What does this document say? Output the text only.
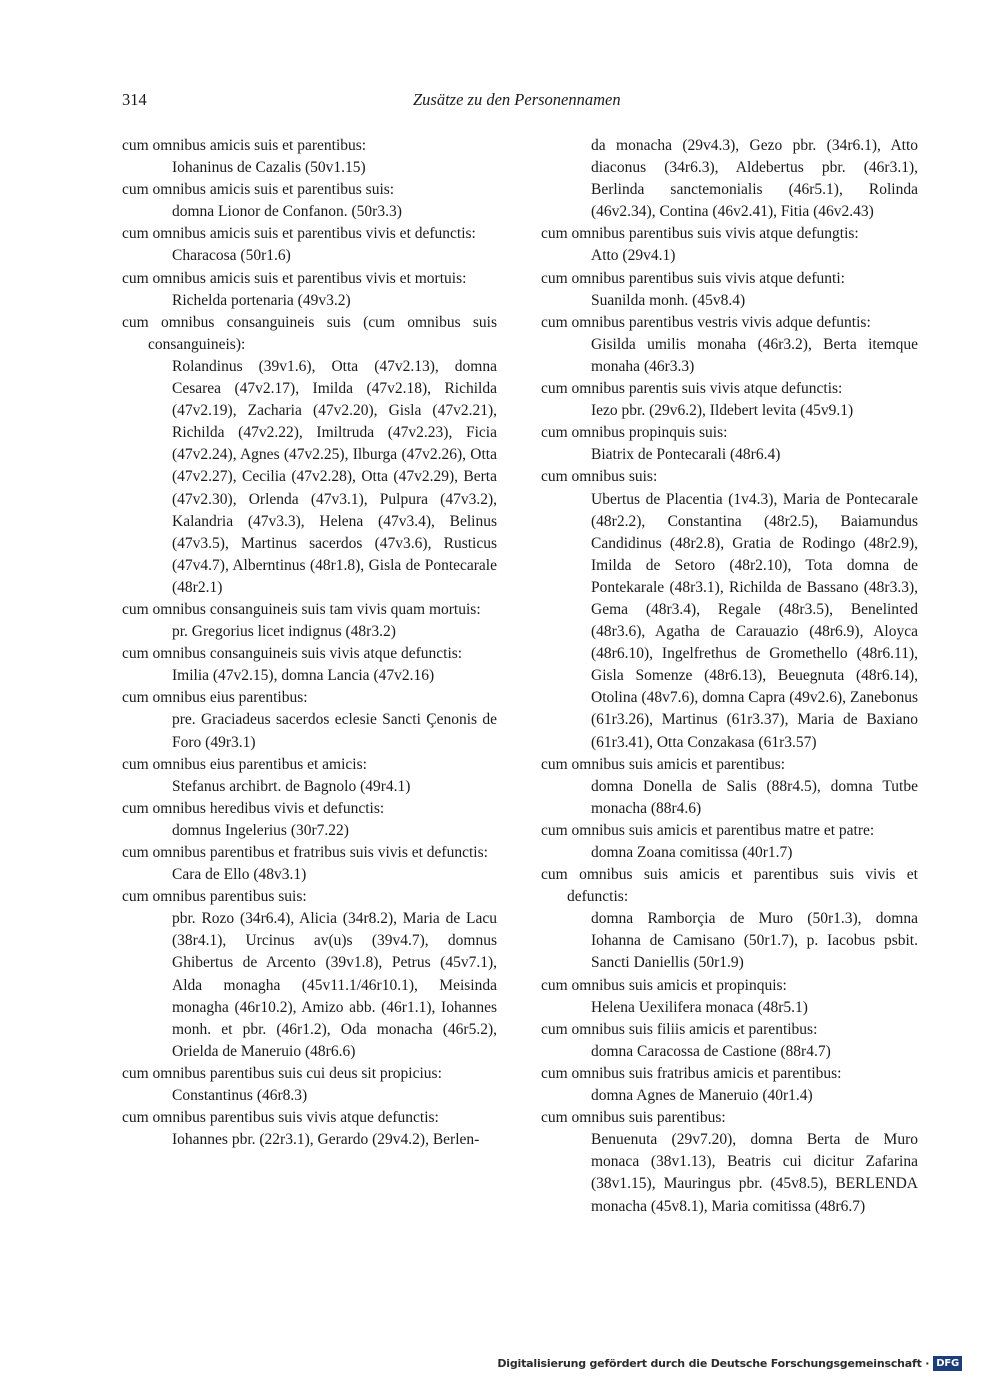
314	Zusätze zu den Personennamen
cum omnibus amicis suis et parentibus:
Iohaninus de Cazalis (50v1.15)
cum omnibus amicis suis et parentibus suis:
domna Lionor de Confanon. (50r3.3)
cum omnibus amicis suis et parentibus vivis et defunctis:
Characosa (50r1.6)
cum omnibus amicis suis et parentibus vivis et mortuis:
Richelda portenaria (49v3.2)
cum omnibus consanguineis suis (cum omnibus suis consanguineis):
Rolandinus (39v1.6), Otta (47v2.13), domna Cesarea (47v2.17), Imilda (47v2.18), Richilda (47v2.19), Zacharia (47v2.20), Gisla (47v2.21), Richilda (47v2.22), Imiltruda (47v2.23), Ficia (47v2.24), Agnes (47v2.25), Ilburga (47v2.26), Otta (47v2.27), Cecilia (47v2.28), Otta (47v2.29), Berta (47v2.30), Orlenda (47v3.1), Pulpura (47v3.2), Kalandria (47v3.3), Helena (47v3.4), Belinus (47v3.5), Martinus sacerdos (47v3.6), Rusticus (47v4.7), Alberntinus (48r1.8), Gisla de Pontecarale (48r2.1)
cum omnibus consanguineis suis tam vivis quam mortuis:
pr. Gregorius licet indignus (48r3.2)
cum omnibus consanguineis suis vivis atque defunctis:
Imilia (47v2.15), domna Lancia (47v2.16)
cum omnibus eius parentibus:
pre. Graciadeus sacerdos eclesie Sancti Çenonis de Foro (49r3.1)
cum omnibus eius parentibus et amicis:
Stefanus archibrt. de Bagnolo (49r4.1)
cum omnibus heredibus vivis et defunctis:
domnus Ingelerius (30r7.22)
cum omnibus parentibus et fratribus suis vivis et defunctis:
Cara de Ello (48v3.1)
cum omnibus parentibus suis:
pbr. Rozo (34r6.4), Alicia (34r8.2), Maria de Lacu (38r4.1), Urcinus av(u)s (39v4.7), domnus Ghibertus de Arcento (39v1.8), Petrus (45v7.1), Alda monagha (45v11.1/46r10.1), Meisinda monagha (46r10.2), Amizo abb. (46r1.1), Iohannes monh. et pbr. (46r1.2), Oda monacha (46r5.2), Orielda de Maneruio (48r6.6)
cum omnibus parentibus suis cui deus sit propicius:
Constantinus (46r8.3)
cum omnibus parentibus suis vivis atque defunctis:
Iohannes pbr. (22r3.1), Gerardo (29v4.2), Berlen-
da monacha (29v4.3), Gezo pbr. (34r6.1), Atto diaconus (34r6.3), Aldebertus pbr. (46r3.1), Berlinda sanctemonialis (46r5.1), Rolinda (46v2.34), Contina (46v2.41), Fitia (46v2.43)
cum omnibus parentibus suis vivis atque defungtis:
Atto (29v4.1)
cum omnibus parentibus suis vivis atque defunti:
Suanilda monh. (45v8.4)
cum omnibus parentibus vestris vivis adque defuntis:
Gisilda umilis monaha (46r3.2), Berta itemque monaha (46r3.3)
cum omnibus parentis suis vivis atque defunctis:
Iezo pbr. (29v6.2), Ildebert levita (45v9.1)
cum omnibus propinquis suis:
Biatrix de Pontecarali (48r6.4)
cum omnibus suis:
Ubertus de Placentia (1v4.3), Maria de Pontecarale (48r2.2), Constantina (48r2.5), Baiamundus Candidinus (48r2.8), Gratia de Rodingo (48r2.9), Imilda de Setoro (48r2.10), Tota domna de Pontekarale (48r3.1), Richilda de Bassano (48r3.3), Gema (48r3.4), Regale (48r3.5), Benelinted (48r3.6), Agatha de Carauazio (48r6.9), Aloyca (48r6.10), Ingelfrethus de Gromethello (48r6.11), Gisla Somenze (48r6.13), Beuegnuta (48r6.14), Otolina (48v7.6), domna Capra (49v2.6), Zanebonus (61r3.26), Martinus (61r3.37), Maria de Baxiano (61r3.41), Otta Conzakasa (61r3.57)
cum omnibus suis amicis et parentibus:
domna Donella de Salis (88r4.5), domna Tutbe monacha (88r4.6)
cum omnibus suis amicis et parentibus matre et patre:
domna Zoana comitissa (40r1.7)
cum omnibus suis amicis et parentibus suis vivis et defunctis:
domna Ramborçia de Muro (50r1.3), domna Iohanna de Camisano (50r1.7), p. Iacobus psbit. Sancti Daniellis (50r1.9)
cum omnibus suis amicis et propinquis:
Helena Uexilifera monaca (48r5.1)
cum omnibus suis filiis amicis et parentibus:
domna Caracossa de Castione (88r4.7)
cum omnibus suis fratribus amicis et parentibus:
domna Agnes de Maneruio (40r1.4)
cum omnibus suis parentibus:
Benuenuta (29v7.20), domna Berta de Muro monaca (38v1.13), Beatris cui dicitur Zafarina (38v1.15), Mauringus pbr. (45v8.5), BERLENDA monacha (45v8.1), Maria comitissa (48r6.7)
Digitalisierung gefördert durch die Deutsche Forschungsgemeinschaft · DFG
